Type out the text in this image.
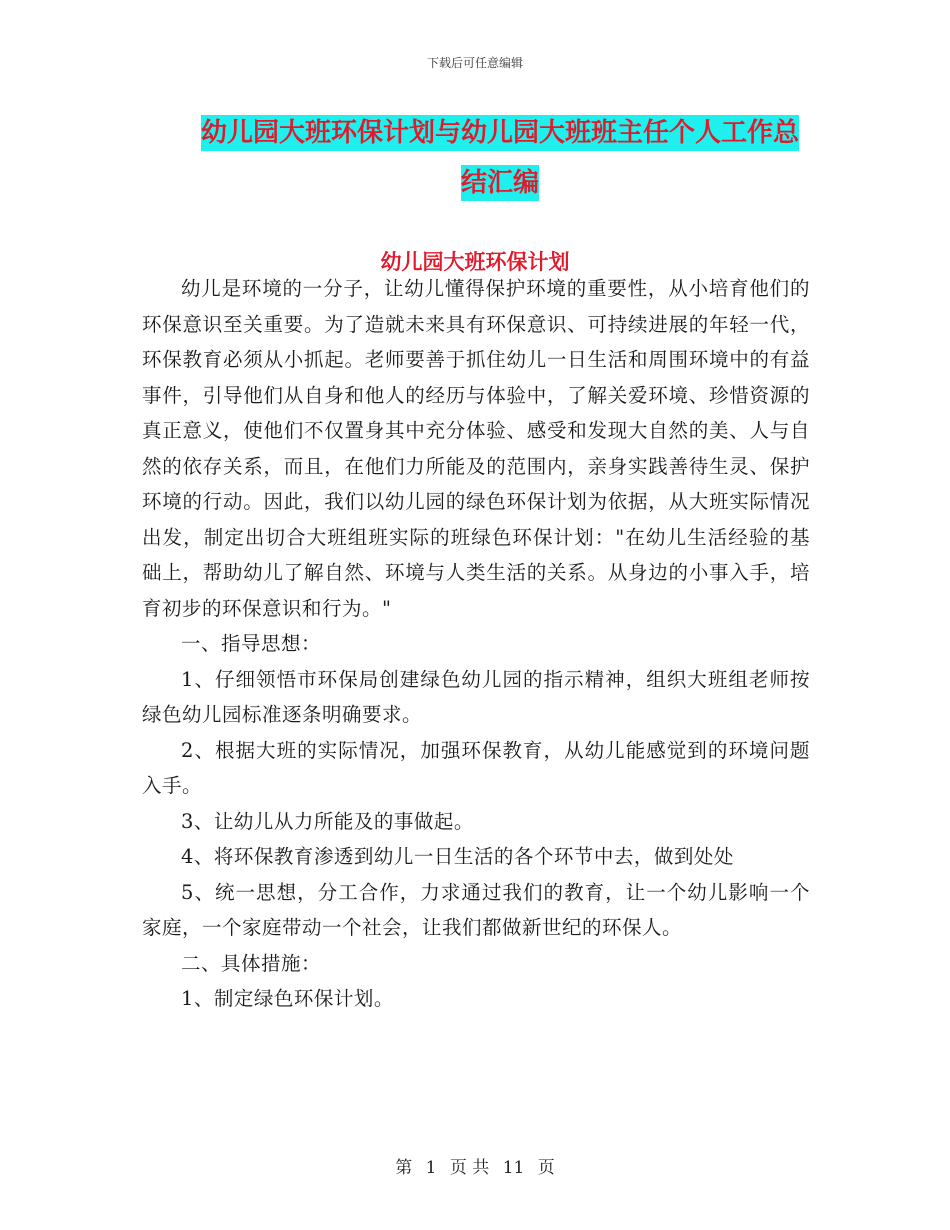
下载后可任意编辑
幼儿园大班环保计划与幼儿园大班班主任个人工作总
结汇编
幼儿园大班环保计划

幼儿是环境的一分子，让幼儿懂得保护环境的重要性，从小培育他们的环保意识至关重要。为了造就未来具有环保意识、可持续进展的年轻一代，环保教育必须从小抓起。老师要善于抓住幼儿一日生活和周围环境中的有益事件，引导他们从自身和他人的经历与体验中，了解关爱环境、珍惜资源的真正意义，使他们不仅置身其中充分体验、感受和发现大自然的美、人与自然的依存关系，而且，在他们力所能及的范围内，亲身实践善待生灵、保护环境的行动。因此，我们以幼儿园的绿色环保计划为依据，从大班实际情况出发，制定出切合大班组班实际的班绿色环保计划："在幼儿生活经验的基础上，帮助幼儿了解自然、环境与人类生活的关系。从身边的小事入手，培育初步的环保意识和行为。"

一、指导思想：

1、仔细领悟市环保局创建绿色幼儿园的指示精神，组织大班组老师按绿色幼儿园标准逐条明确要求。

2、根据大班的实际情况，加强环保教育，从幼儿能感觉到的环境问题入手。

3、让幼儿从力所能及的事做起。

4、将环保教育渗透到幼儿一日生活的各个环节中去，做到处处

5、统一思想，分工合作，力求通过我们的教育，让一个幼儿影响一个家庭，一个家庭带动一个社会，让我们都做新世纪的环保人。

二、具体措施：

1、制定绿色环保计划。

第 1 页 共 11 页
